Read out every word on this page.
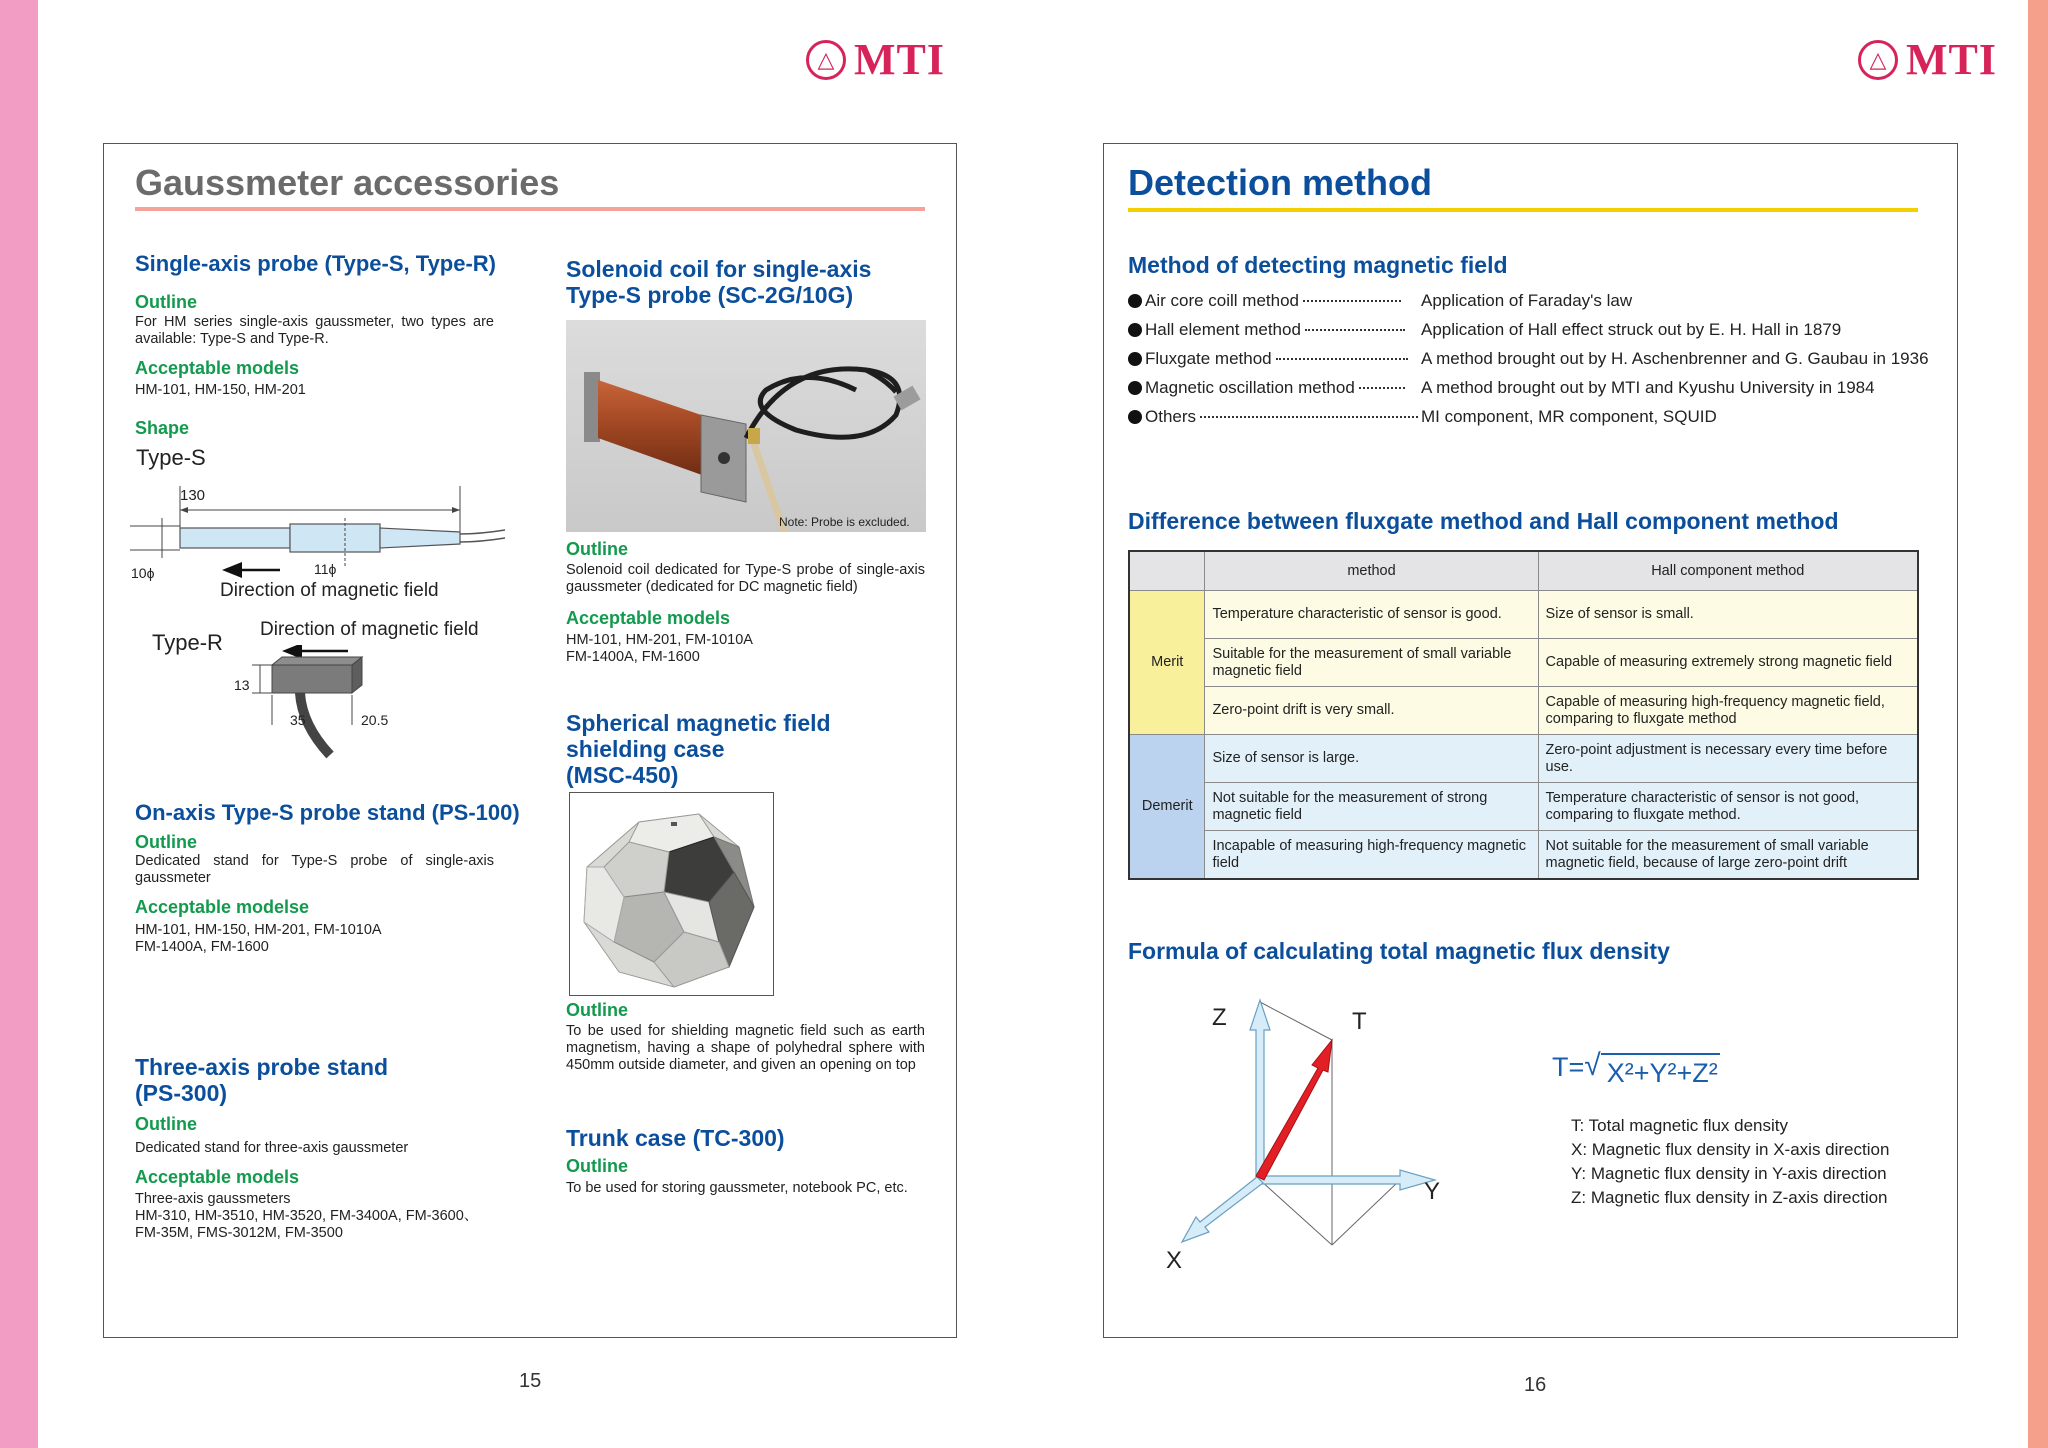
△ MTI	△ MTI
Gaussmeter accessories
Single-axis probe (Type-S, Type-R)
Outline
For HM series single-axis gaussmeter, two types are available: Type-S and Type-R.
Acceptable models
HM-101, HM-150, HM-201
Shape
Type-S
130
10ϕ	11ϕ
Direction of magnetic field
Direction of magnetic field
Type-R
13
35	20.5
On-axis Type-S probe stand (PS-100)
Outline
Dedicated stand for Type-S probe of single-axis gaussmeter
Acceptable modelse
HM-101, HM-150, HM-201, FM-1010A
FM-1400A, FM-1600
Three-axis probe stand
(PS-300)
Outline
Dedicated stand for three-axis gaussmeter
Acceptable models
Three-axis gaussmeters
HM-310, HM-3510, HM-3520, FM-3400A, FM-3600、
FM-35M, FMS-3012M, FM-3500
Solenoid coil for single-axis
Type-S probe (SC-2G/10G)
Note: Probe is excluded.
Outline
Solenoid coil dedicated for Type-S probe of single-axis gaussmeter (dedicated for DC magnetic field)
Acceptable models
HM-101, HM-201, FM-1010A
FM-1400A, FM-1600
Spherical magnetic field
shielding case
(MSC-450)
Outline
To be used for shielding magnetic field such as earth magnetism, having a shape of polyhedral sphere with 450mm outside diameter, and given an opening on top
Trunk case (TC-300)
Outline
To be used for storing gaussmeter, notebook PC, etc.
15
Detection method
Method of detecting magnetic field
Air core coill method	Application of Faraday's law
Hall element method	Application of Hall effect struck out by E. H. Hall in 1879
Fluxgate method	A method brought out by H. Aschenbrenner and G. Gaubau in 1936
Magnetic oscillation method	A method brought out by MTI and Kyushu University in 1984
Others	MI component, MR component, SQUID
Difference between fluxgate method and Hall component method
	method	Hall component method
Merit	Temperature characteristic of sensor is good.	Size of sensor is small.
	Suitable for the measurement of small variable magnetic field	Capable of measuring extremely strong magnetic field
	Zero-point drift is very small.	Capable of measuring high-frequency magnetic field, comparing to fluxgate method
Demerit	Size of sensor is large.	Zero-point adjustment is necessary every time before use.
	Not suitable for the measurement of strong magnetic field	Temperature characteristic of sensor is not good, comparing to fluxgate method.
	Incapable of measuring high-frequency magnetic field	Not suitable for the measurement of small variable magnetic field, because of large zero-point drift
Formula of calculating total magnetic flux density
Z	T
Y
X
T= √ X²+Y²+Z²
T: Total magnetic flux density
X: Magnetic flux density in X-axis direction
Y: Magnetic flux density in Y-axis direction
Z: Magnetic flux density in Z-axis direction
16
